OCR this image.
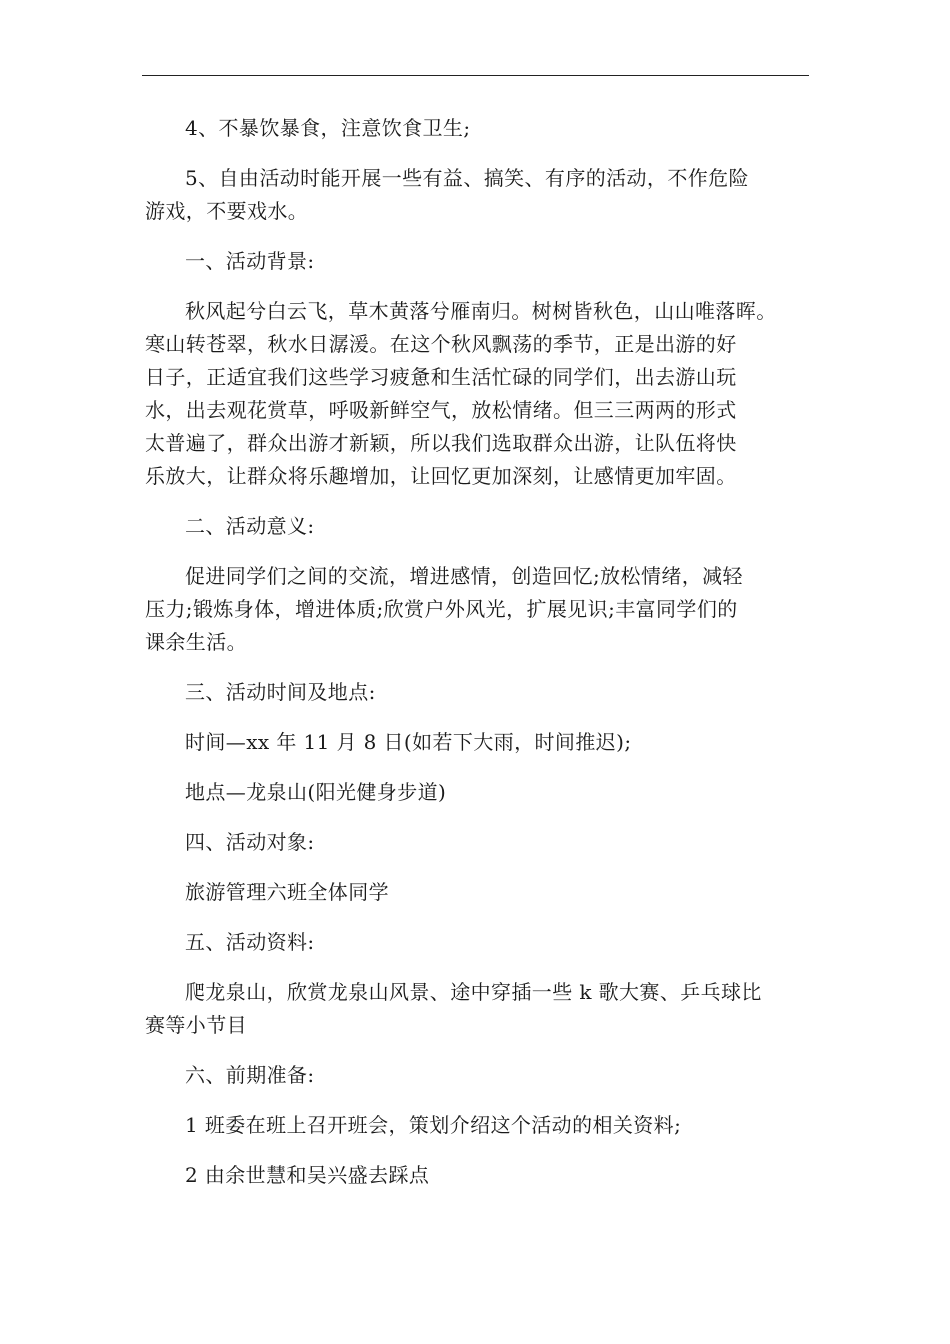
4、不暴饮暴食，注意饮食卫生;

5、自由活动时能开展一些有益、搞笑、有序的活动，不作危险
游戏，不要戏水。

一、活动背景:

秋风起兮白云飞，草木黄落兮雁南归。树树皆秋色，山山唯落晖。
寒山转苍翠，秋水日潺湲。在这个秋风飘荡的季节，正是出游的好
日子，正适宜我们这些学习疲惫和生活忙碌的同学们，出去游山玩
水，出去观花赏草，呼吸新鲜空气，放松情绪。但三三两两的形式
太普遍了，群众出游才新颖，所以我们选取群众出游，让队伍将快
乐放大，让群众将乐趣增加，让回忆更加深刻，让感情更加牢固。

二、活动意义:

促进同学们之间的交流，增进感情，创造回忆;放松情绪，减轻
压力;锻炼身体，增进体质;欣赏户外风光，扩展见识;丰富同学们的
课余生活。

三、活动时间及地点:

时间—xx 年 11 月 8 日(如若下大雨，时间推迟);

地点—龙泉山(阳光健身步道)

四、活动对象:

旅游管理六班全体同学

五、活动资料:

爬龙泉山，欣赏龙泉山风景、途中穿插一些 k 歌大赛、乒乓球比
赛等小节目

六、前期准备:

1 班委在班上召开班会，策划介绍这个活动的相关资料;

2 由余世慧和吴兴盛去踩点
